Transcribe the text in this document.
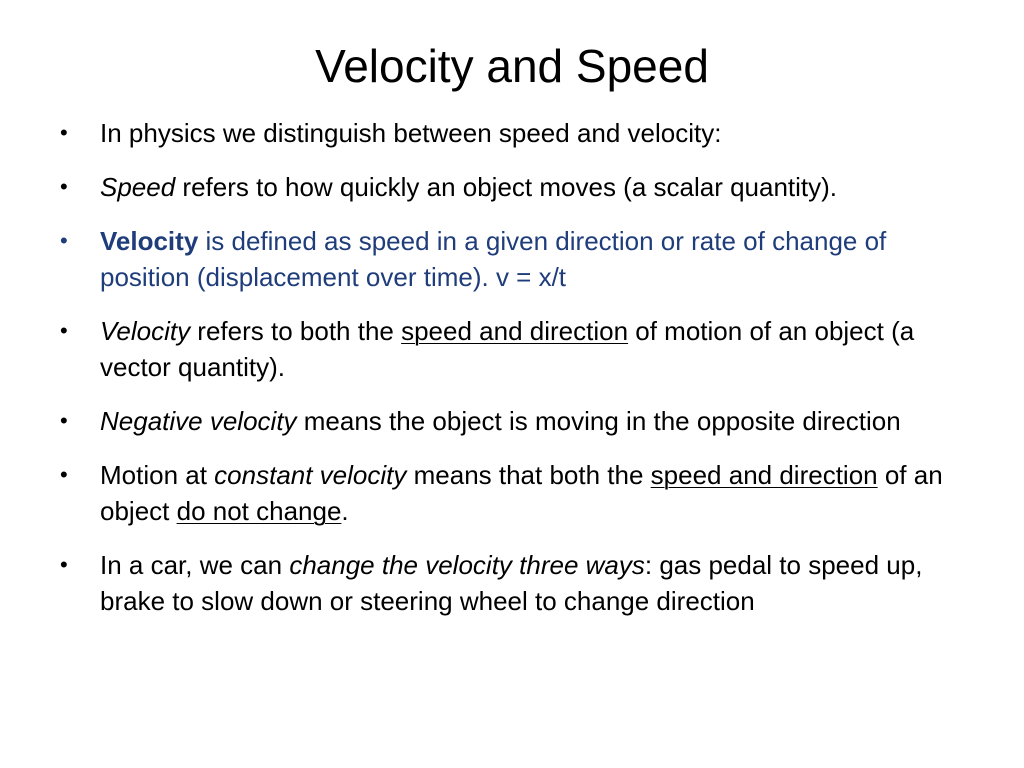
Velocity and Speed
•	In physics we distinguish between speed and velocity:
•	Speed refers to how quickly an object moves (a scalar quantity).
•	Velocity is defined as speed in a given direction or rate of change of position (displacement over time). v = x/t
•	Velocity refers to both the speed and direction of motion of an object (a vector quantity).
•	Negative velocity means the object is moving in the opposite direction
•	Motion at constant velocity means that both the speed and direction of an object do not change.
•	In a car, we can change the velocity three ways: gas pedal to speed up, brake to slow down or steering wheel to change direction
